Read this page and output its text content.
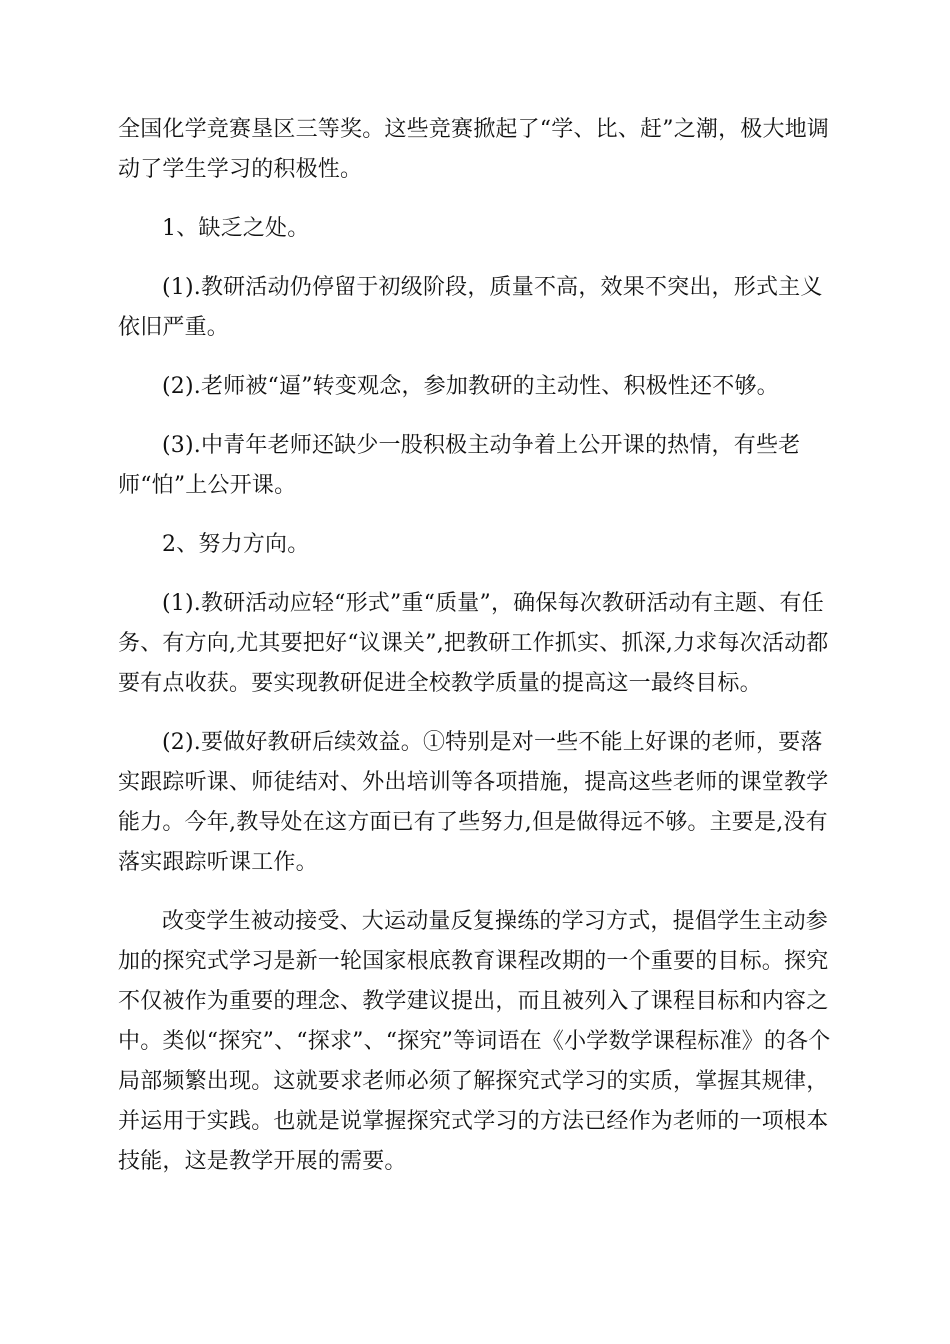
全国化学竞赛垦区三等奖。这些竞赛掀起了“学、比、赶”之潮，极大地调动了学生学习的积极性。

1、缺乏之处。

(1).教研活动仍停留于初级阶段，质量不高，效果不突出，形式主义依旧严重。

(2).老师被“逼”转变观念，参加教研的主动性、积极性还不够。

(3).中青年老师还缺少一股积极主动争着上公开课的热情，有些老师“怕”上公开课。

2、努力方向。

(1).教研活动应轻“形式”重“质量”，确保每次教研活动有主题、有任务、有方向,尤其要把好“议课关”,把教研工作抓实、抓深,力求每次活动都要有点收获。要实现教研促进全校教学质量的提高这一最终目标。

(2).要做好教研后续效益。①特别是对一些不能上好课的老师，要落实跟踪听课、师徒结对、外出培训等各项措施，提高这些老师的课堂教学能力。今年,教导处在这方面已有了些努力,但是做得远不够。主要是,没有落实跟踪听课工作。

改变学生被动接受、大运动量反复操练的学习方式，提倡学生主动参加的探究式学习是新一轮国家根底教育课程改期的一个重要的目标。探究不仅被作为重要的理念、教学建议提出，而且被列入了课程目标和内容之中。类似“探究”、“探求”、“探究”等词语在《小学数学课程标准》的各个局部频繁出现。这就要求老师必须了解探究式学习的实质，掌握其规律，并运用于实践。也就是说掌握探究式学习的方法已经作为老师的一项根本技能，这是教学开展的需要。
